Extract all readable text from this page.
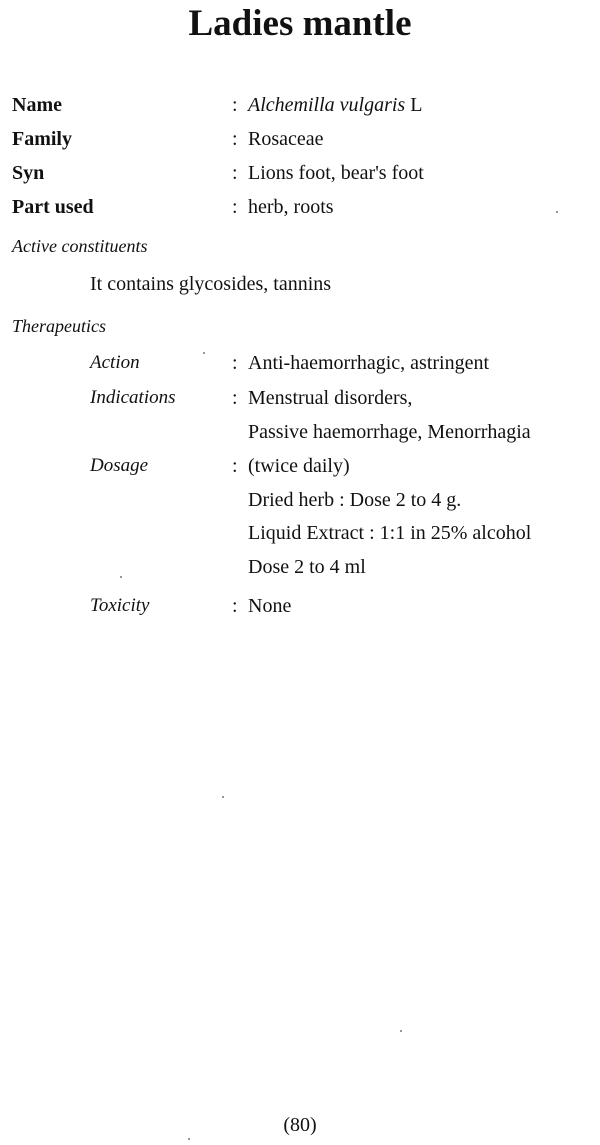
Ladies mantle
Name	: Alchemilla vulgaris L
Family	: Rosaceae
Syn	: Lions foot, bear's foot
Part used	: herb, roots
Active constituents
It contains glycosides, tannins
Therapeutics
Action	: Anti-haemorrhagic, astringent
Indications	: Menstrual disorders,
Passive haemorrhage, Menorrhagia
Dosage	: (twice daily)
Dried herb : Dose 2 to 4 g.
Liquid Extract : 1:1 in 25% alcohol
Dose 2 to 4 ml
Toxicity	: None
(80)
